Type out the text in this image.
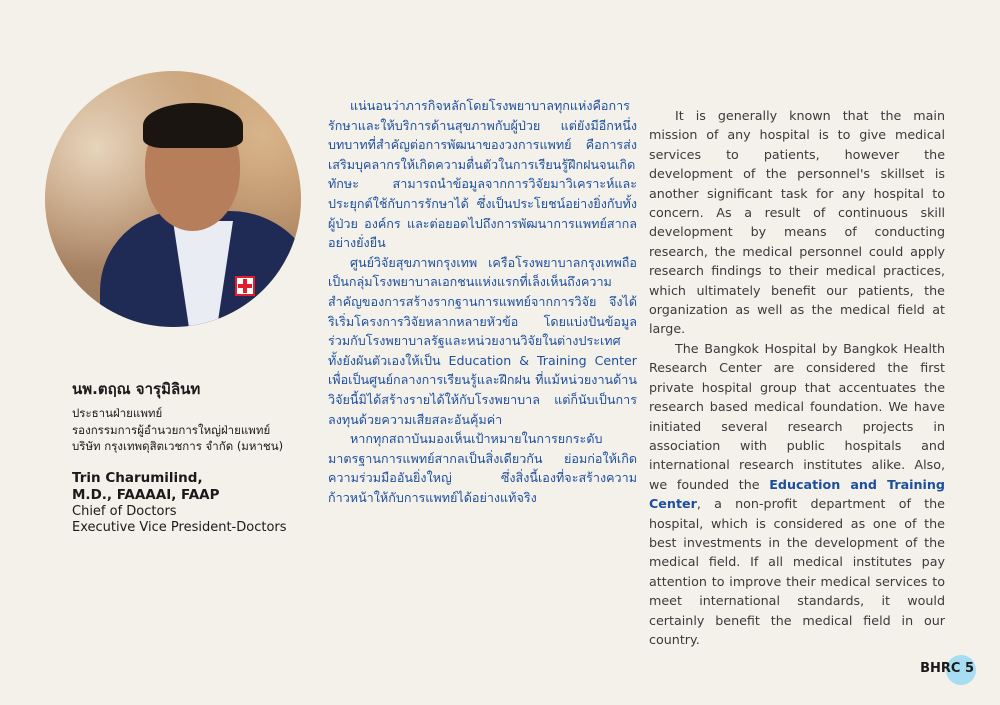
นพ.ตฤณ จารุมิลินท

ประธานฝ่ายแพทย์

รองกรรมการผู้อำนวยการใหญ่ฝ่ายแพทย์

บริษัท กรุงเทพดุสิตเวชการ จำกัด (มหาชน)

Trin Charumilind,
M.D., FAAAAI, FAAP

Chief of Doctors

Executive Vice President-Doctors

แน่นอนว่าภารกิจหลักโดยโรงพยาบาลทุกแห่งคือการรักษาและให้บริการด้านสุขภาพกับผู้ป่วย แต่ยังมีอีกหนึ่งบทบาทที่สำคัญต่อการพัฒนาของวงการแพทย์ คือการส่งเสริมบุคลากรให้เกิดความตื่นตัวในการเรียนรู้ฝึกฝนจนเกิดทักษะ สามารถนำข้อมูลจากการวิจัยมาวิเคราะห์และประยุกต์ใช้กับการรักษาได้ ซึ่งเป็นประโยชน์อย่างยิ่งกับทั้งผู้ป่วย องค์กร และต่อยอดไปถึงการพัฒนาการแพทย์สากลอย่างยั่งยืน

ศูนย์วิจัยสุขภาพกรุงเทพ เครือโรงพยาบาลกรุงเทพถือเป็นกลุ่มโรงพยาบาลเอกชนแห่งแรกที่เล็งเห็นถึงความสำคัญของการสร้างรากฐานการแพทย์จากการวิจัย จึงได้ริเริ่มโครงการวิจัยหลากหลายหัวข้อ โดยแบ่งปันข้อมูลร่วมกับโรงพยาบาลรัฐและหน่วยงานวิจัยในต่างประเทศ ทั้งยังผันตัวเองให้เป็น Education & Training Center เพื่อเป็นศูนย์กลางการเรียนรู้และฝึกฝน ที่แม้หน่วยงานด้านวิจัยนี้มิได้สร้างรายได้ให้กับโรงพยาบาล แต่ก็นับเป็นการลงทุนด้วยความเสียสละอันคุ้มค่า

หากทุกสถาบันมองเห็นเป้าหมายในการยกระดับมาตรฐานการแพทย์สากลเป็นสิ่งเดียวกัน ย่อมก่อให้เกิดความร่วมมืออันยิ่งใหญ่ ซึ่งสิ่งนี้เองที่จะสร้างความก้าวหน้าให้กับการแพทย์ได้อย่างแท้จริง

It is generally known that the main mission of any hospital is to give medical services to patients, however the development of the personnel's skillset is another significant task for any hospital to concern. As a result of continuous skill development by means of conducting research, the medical personnel could apply research findings to their medical practices, which ultimately benefit our patients, the organization as well as the medical field at large.

The Bangkok Hospital by Bangkok Health Research Center are considered the first private hospital group that accentuates the research based medical foundation. We have initiated several research projects in association with public hospitals and international research institutes alike. Also, we founded the Education and Training Center, a non-profit department of the hospital, which is considered as one of the best investments in the development of the medical field. If all medical institutes pay attention to improve their medical services to meet international standards, it would certainly benefit the medical field in our country.

BHRC 5
